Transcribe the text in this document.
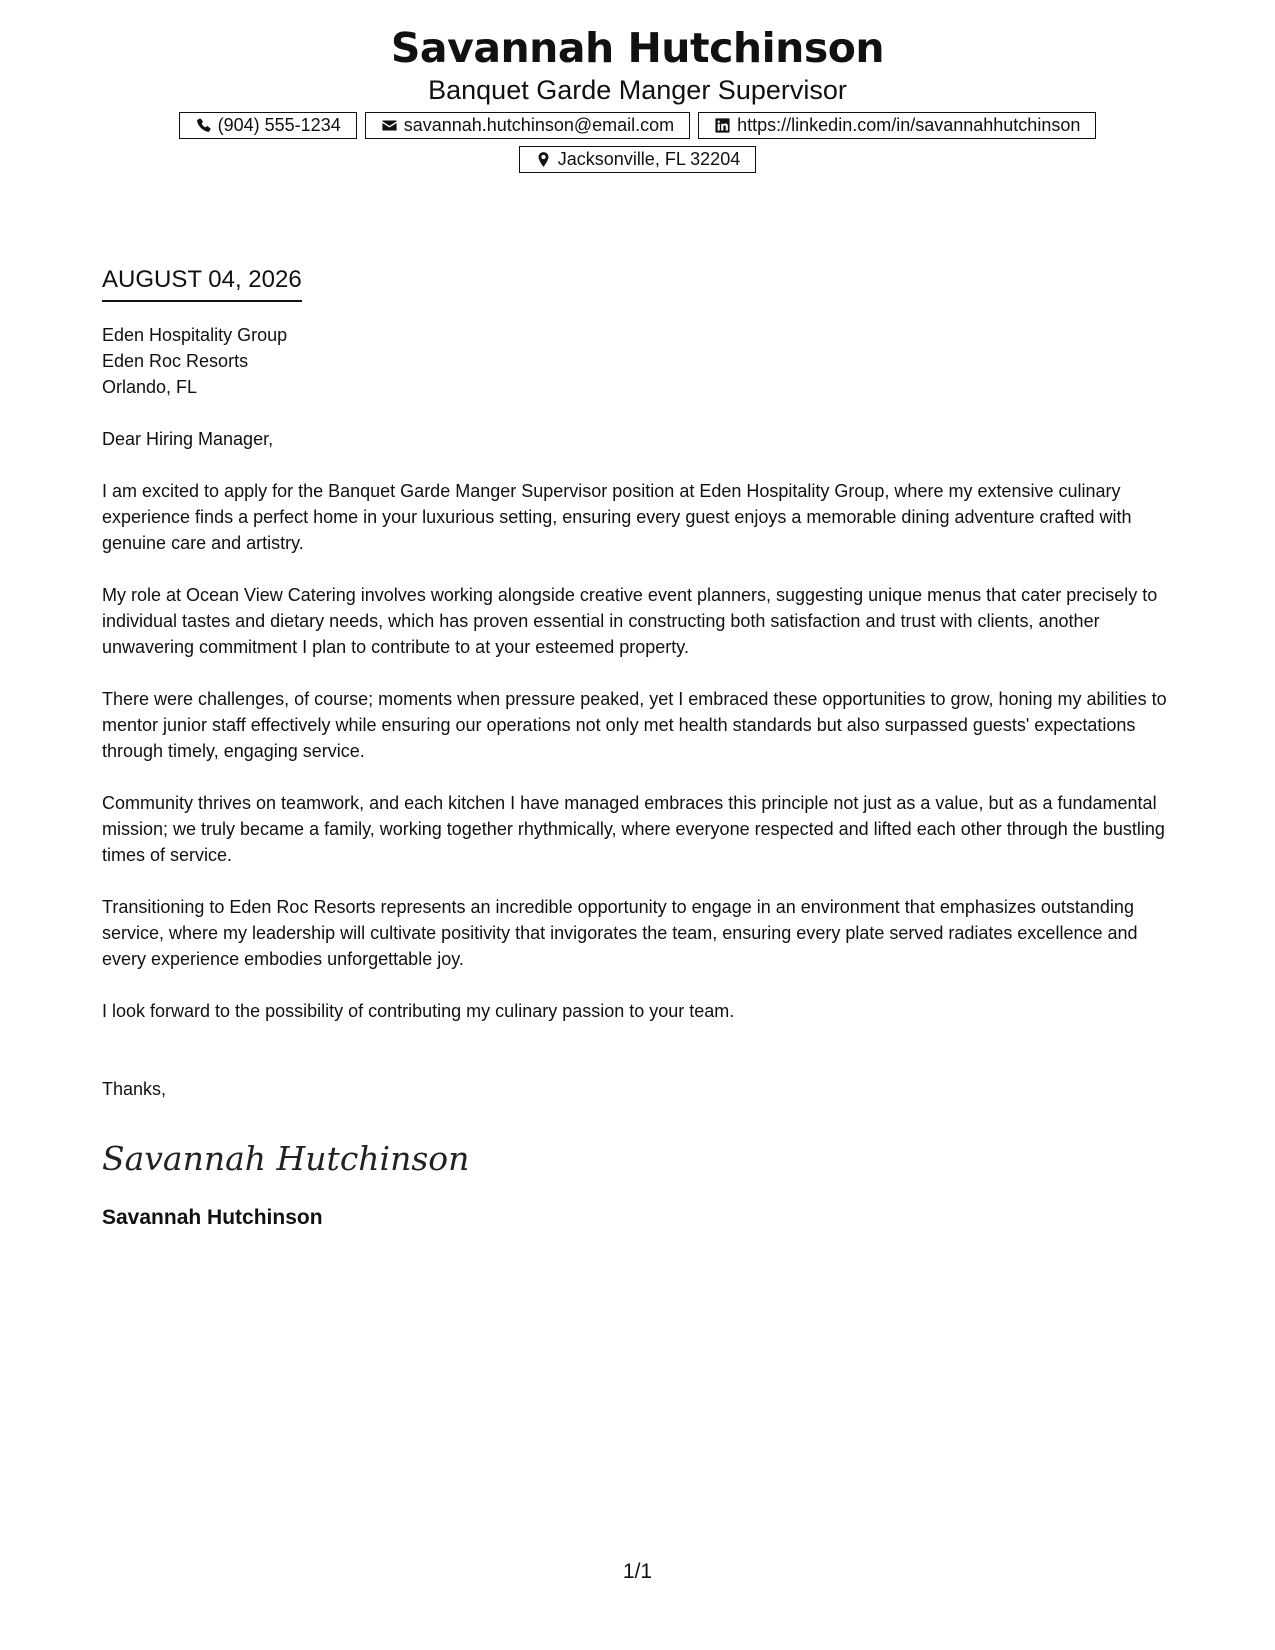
Savannah Hutchinson
Banquet Garde Manger Supervisor
(904) 555-1234	savannah.hutchinson@email.com	https://linkedin.com/in/savannahhutchinson
Jacksonville, FL 32204
AUGUST 04, 2026
Eden Hospitality Group
Eden Roc Resorts
Orlando, FL
Dear Hiring Manager,

I am excited to apply for the Banquet Garde Manger Supervisor position at Eden Hospitality Group, where my extensive culinary experience finds a perfect home in your luxurious setting, ensuring every guest enjoys a memorable dining adventure crafted with genuine care and artistry.

My role at Ocean View Catering involves working alongside creative event planners, suggesting unique menus that cater precisely to individual tastes and dietary needs, which has proven essential in constructing both satisfaction and trust with clients, another unwavering commitment I plan to contribute to at your esteemed property.

There were challenges, of course; moments when pressure peaked, yet I embraced these opportunities to grow, honing my abilities to mentor junior staff effectively while ensuring our operations not only met health standards but also surpassed guests' expectations through timely, engaging service.

Community thrives on teamwork, and each kitchen I have managed embraces this principle not just as a value, but as a fundamental mission; we truly became a family, working together rhythmically, where everyone respected and lifted each other through the bustling times of service.

Transitioning to Eden Roc Resorts represents an incredible opportunity to engage in an environment that emphasizes outstanding service, where my leadership will cultivate positivity that invigorates the team, ensuring every plate served radiates excellence and every experience embodies unforgettable joy.

I look forward to the possibility of contributing my culinary passion to your team.

Thanks,
Savannah Hutchinson
Savannah Hutchinson
1/1
